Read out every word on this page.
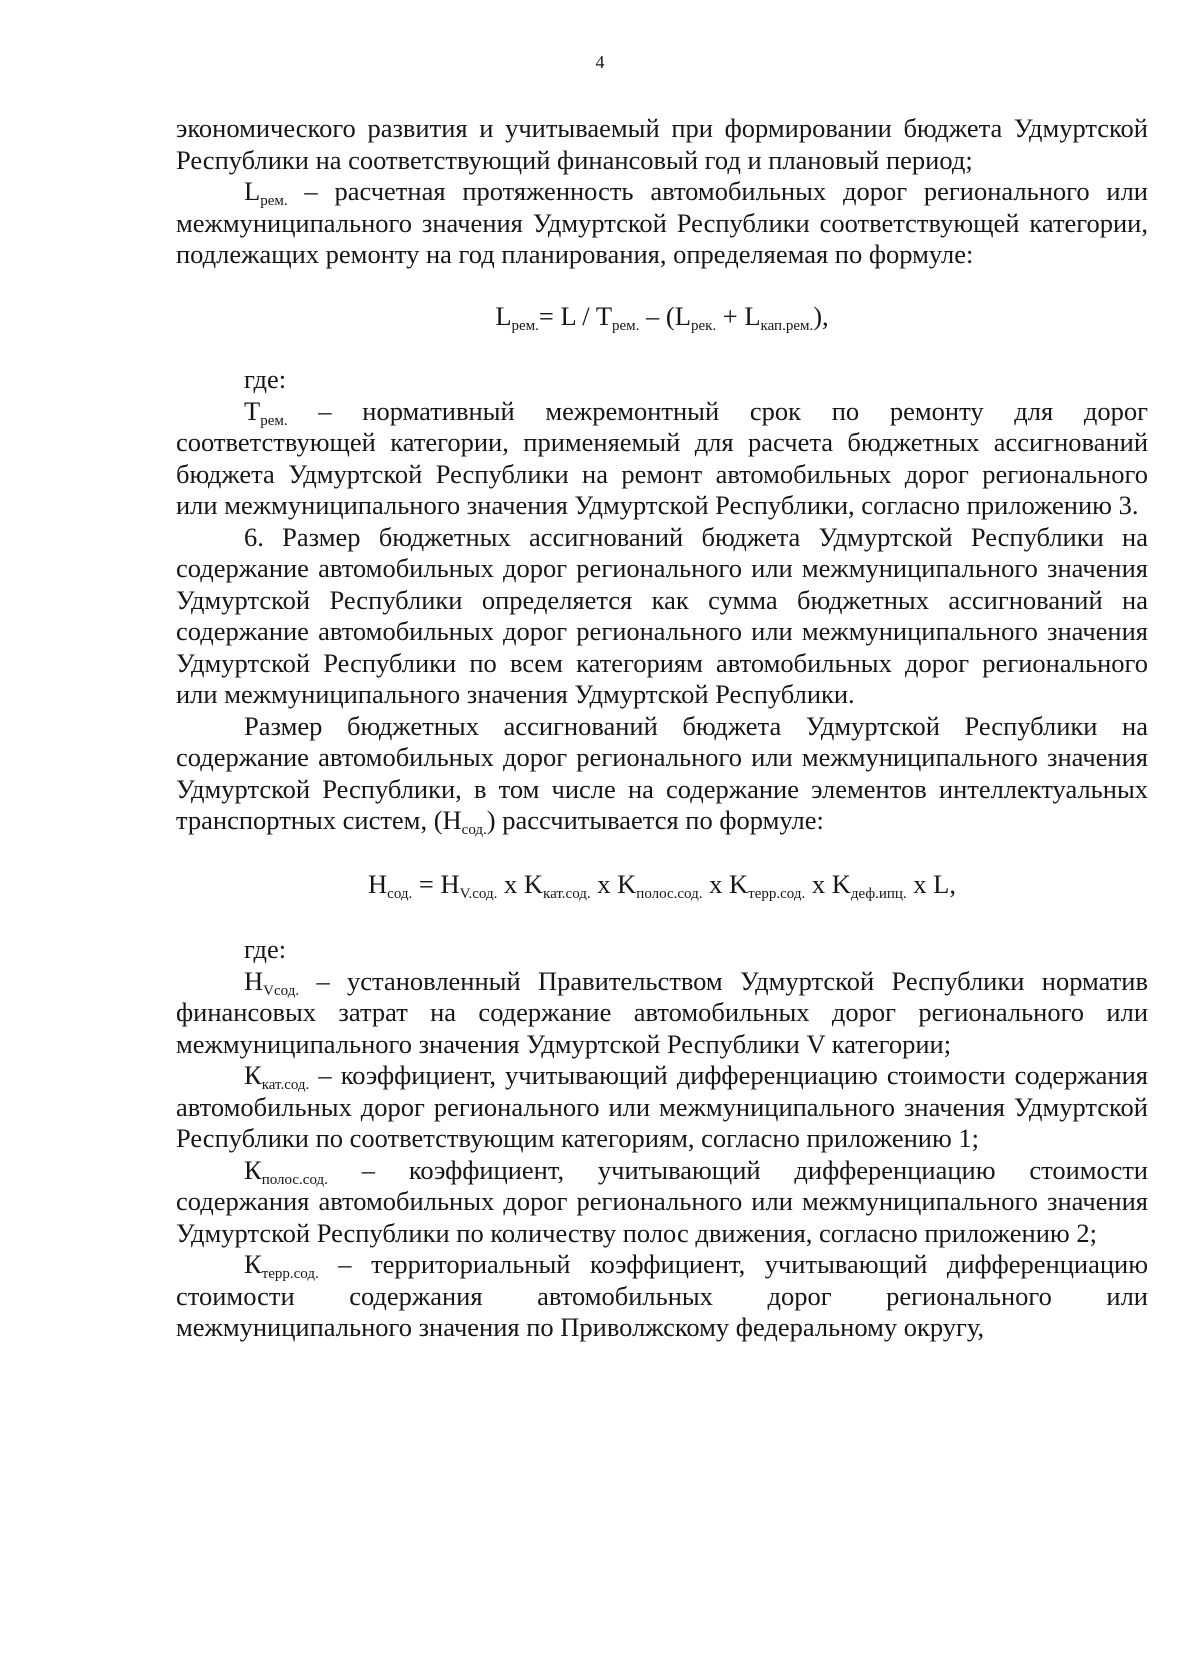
4

экономического развития и учитываемый при формировании бюджета Удмуртской Республики на соответствующий финансовый год и плановый период;

$L_{рем.}$ – расчетная протяженность автомобильных дорог регионального или межмуниципального значения Удмуртской Республики соответствующей категории, подлежащих ремонту на год планирования, определяемая по формуле:

$L_{рем.}= L / T_{рем.} - (L_{рек.} + L_{кап.рем.})$,

где:

$T_{рем.}$ – нормативный межремонтный срок по ремонту для дорог соответствующей категории, применяемый для расчета бюджетных ассигнований бюджета Удмуртской Республики на ремонт автомобильных дорог регионального или межмуниципального значения Удмуртской Республики, согласно приложению 3.

6. Размер бюджетных ассигнований бюджета Удмуртской Республики на содержание автомобильных дорог регионального или межмуниципального значения Удмуртской Республики определяется как сумма бюджетных ассигнований на содержание автомобильных дорог регионального или межмуниципального значения Удмуртской Республики по всем категориям автомобильных дорог регионального или межмуниципального значения Удмуртской Республики.

Размер бюджетных ассигнований бюджета Удмуртской Республики на содержание автомобильных дорог регионального или межмуниципального значения Удмуртской Республики, в том числе на содержание элементов интеллектуальных транспортных систем, $(Н_{сод.})$ рассчитывается по формуле:

$Н_{сод.} = Н_{V.сод.}$ x $K_{кат.сод.}$ x $K_{полос.сод.}$ x $K_{терр.сод.}$ x $K_{деф.ипц.}$ x L,

где:

$Н_{Vсод.}$ – установленный Правительством Удмуртской Республики норматив финансовых затрат на содержание автомобильных дорог регионального или межмуниципального значения Удмуртской Республики V категории;

$К_{кат.сод.}$ – коэффициент, учитывающий дифференциацию стоимости содержания автомобильных дорог регионального или межмуниципального значения Удмуртской Республики по соответствующим категориям, согласно приложению 1;

$К_{полос.сод.}$ – коэффициент, учитывающий дифференциацию стоимости содержания автомобильных дорог регионального или межмуниципального значения Удмуртской Республики по количеству полос движения, согласно приложению 2;

$К_{терр.сод.}$ – территориальный коэффициент, учитывающий дифференциацию стоимости содержания автомобильных дорог регионального или межмуниципального значения по Приволжскому федеральному округу,
